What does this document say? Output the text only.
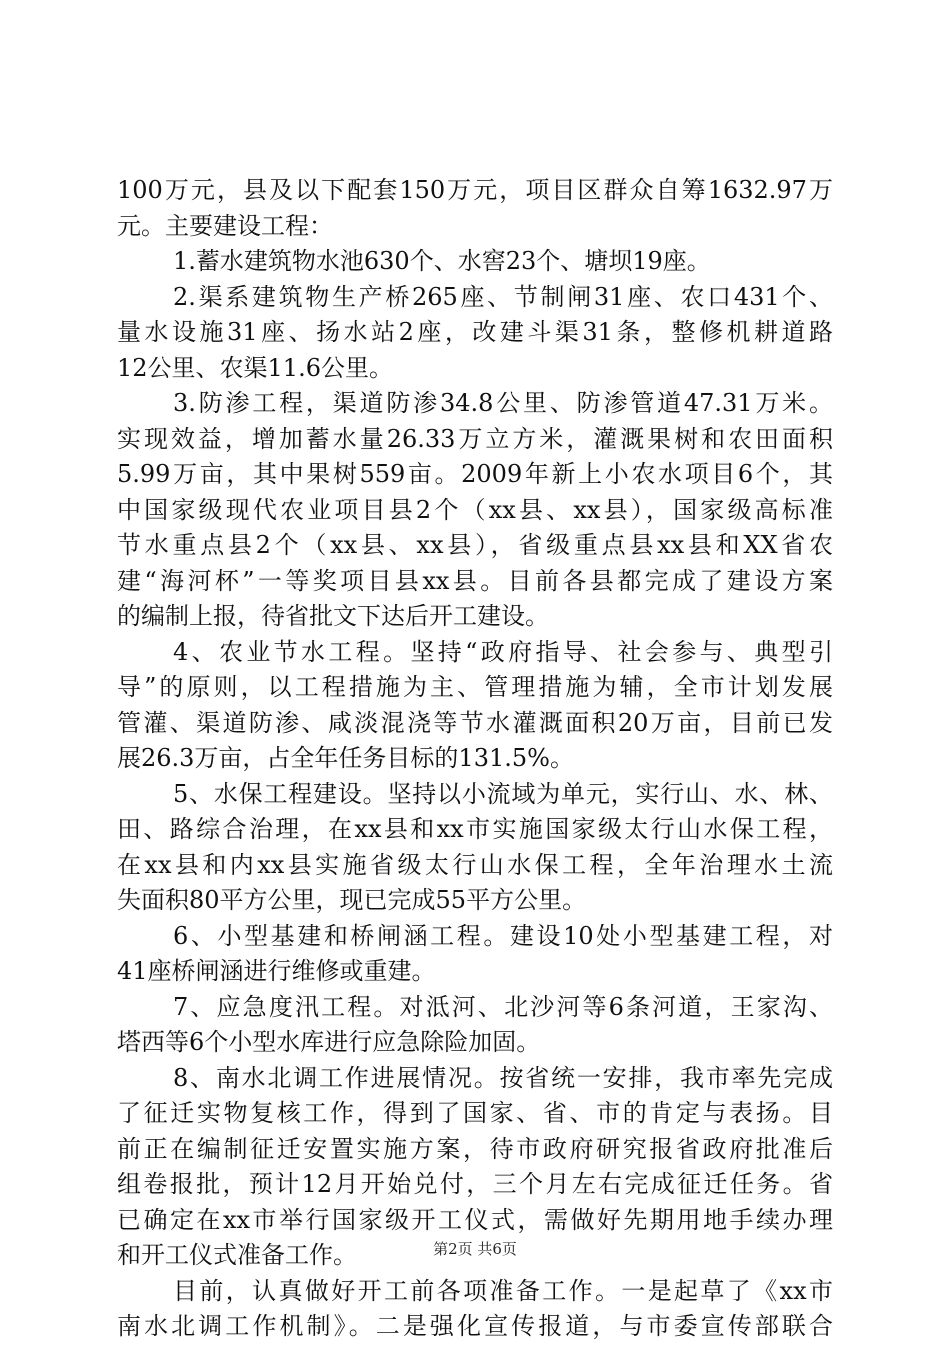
100万元，县及以下配套150万元，项目区群众自筹1632.97万
元。主要建设工程：
1.蓄水建筑物水池630个、水窖23个、塘坝19座。
2.渠系建筑物生产桥265座、节制闸31座、农口431个、
量水设施31座、扬水站2座，改建斗渠31条，整修机耕道路
12公里、农渠11.6公里。
3.防渗工程，渠道防渗34.8公里、防渗管道47.31万米。
实现效益，增加蓄水量26.33万立方米，灌溉果树和农田面积
5.99万亩，其中果树559亩。2009年新上小农水项目6个，其
中国家级现代农业项目县2个（xx县、xx县），国家级高标准
节水重点县2个（xx县、xx县），省级重点县xx县和XX省农
建“海河杯”一等奖项目县xx县。目前各县都完成了建设方案
的编制上报，待省批文下达后开工建设。
4、农业节水工程。坚持“政府指导、社会参与、典型引
导”的原则，以工程措施为主、管理措施为辅，全市计划发展
管灌、渠道防渗、咸淡混浇等节水灌溉面积20万亩，目前已发
展26.3万亩，占全年任务目标的131.5%。
5、水保工程建设。坚持以小流域为单元，实行山、水、林、
田、路综合治理，在xx县和xx市实施国家级太行山水保工程，
在xx县和内xx县实施省级太行山水保工程，全年治理水土流
失面积80平方公里，现已完成55平方公里。
6、小型基建和桥闸涵工程。建设10处小型基建工程，对
41座桥闸涵进行维修或重建。
7、应急度汛工程。对泜河、北沙河等6条河道，王家沟、
塔西等6个小型水库进行应急除险加固。
8、南水北调工作进展情况。按省统一安排，我市率先完成
了征迁实物复核工作，得到了国家、省、市的肯定与表扬。目
前正在编制征迁安置实施方案，待市政府研究报省政府批准后
组卷报批，预计12月开始兑付，三个月左右完成征迁任务。省
已确定在xx市举行国家级开工仪式，需做好先期用地手续办理
和开工仪式准备工作。
目前，认真做好开工前各项准备工作。一是起草了《xx市
南水北调工作机制》。二是强化宣传报道，与市委宣传部联合
第2页 共6页
